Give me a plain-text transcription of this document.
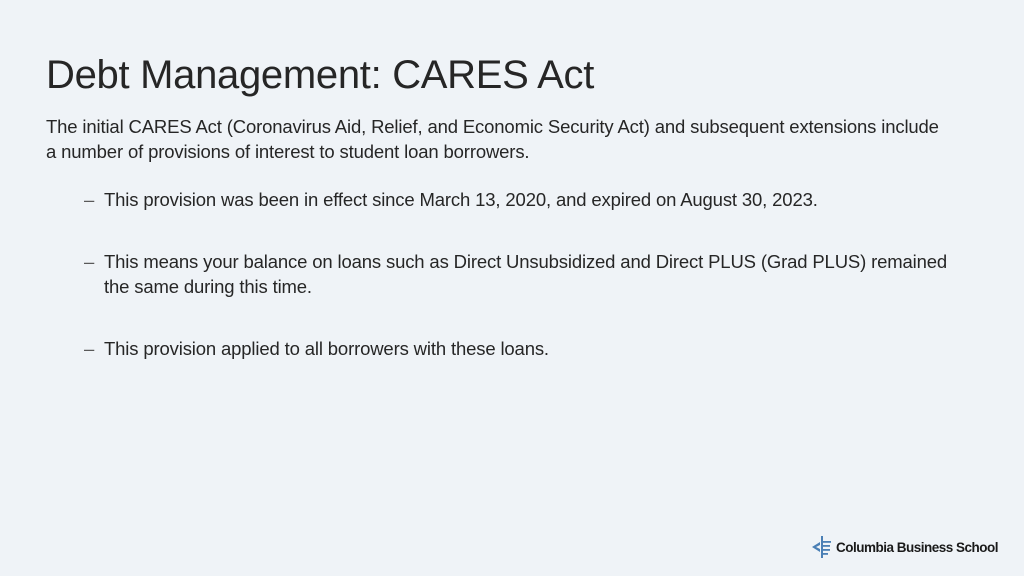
Debt Management: CARES Act

The initial CARES Act (Coronavirus Aid, Relief, and Economic Security Act) and subsequent extensions include a number of provisions of interest to student loan borrowers.

– This provision was been in effect since March 13, 2020, and expired on August 30, 2023.
– This means your balance on loans such as Direct Unsubsidized and Direct PLUS (Grad PLUS) remained the same during this time.
– This provision applied to all borrowers with these loans.
Columbia Business School
